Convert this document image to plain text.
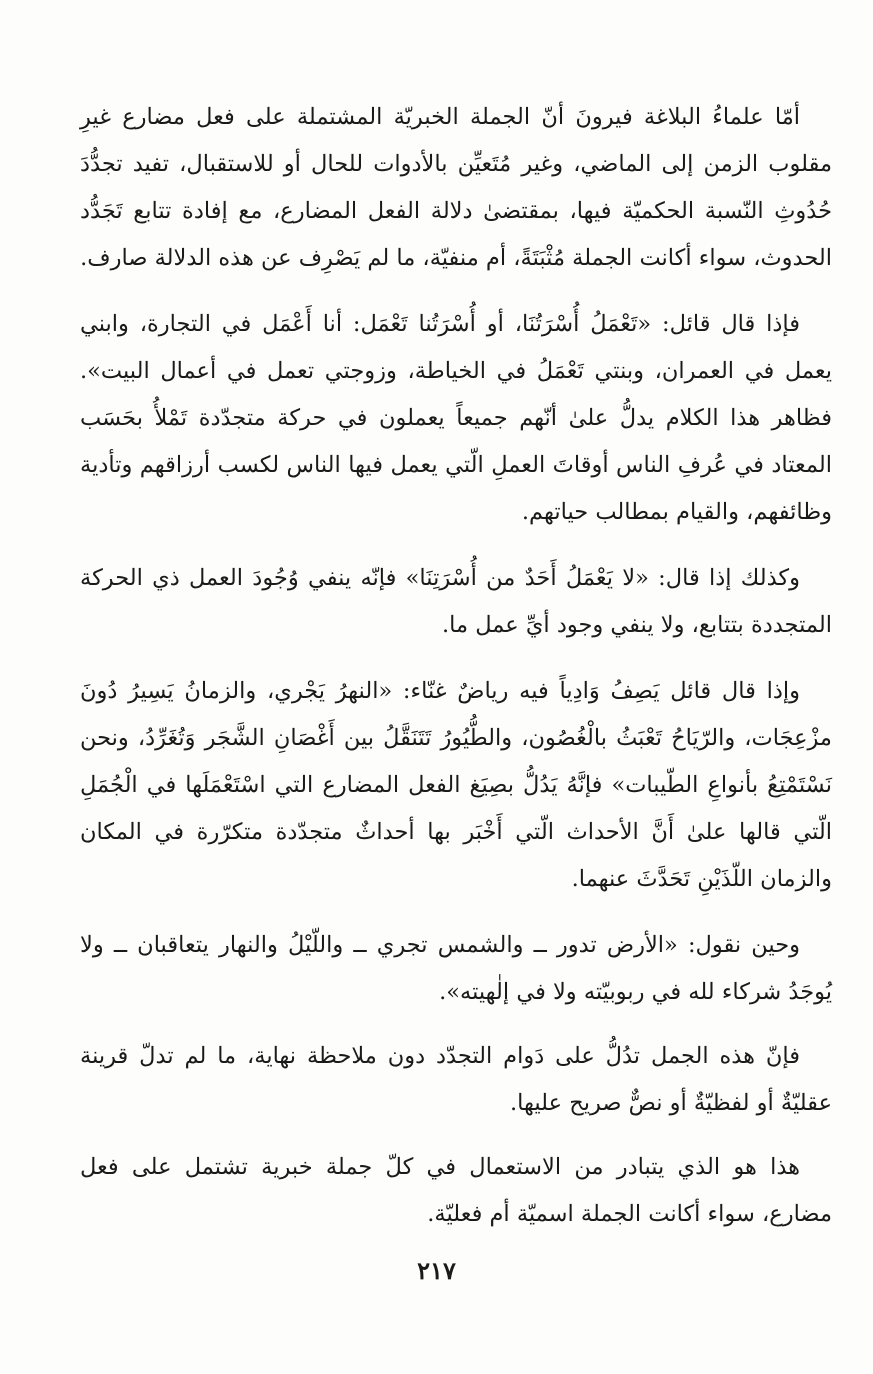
أمّا علماءُ البلاغة فيرونَ أنّ الجملة الخبريّة المشتملة على فعل مضارع غيرِ مقلوب الزمن إلى الماضي، وغير مُتَعيِّن بالأدوات للحال أو للاستقبال، تفيد تجدُّدَ حُدُوثِ النّسبة الحكميّة فيها، بمقتضىٰ دلالة الفعل المضارع، مع إفادة تتابع تَجَدُّد الحدوث، سواء أكانت الجملة مُثْبَتَةً، أم منفيّة، ما لم يَصْرِف عن هذه الدلالة صارف.

فإذا قال قائل: «تَعْمَلُ أُسْرَتُنَا، أو أُسْرَتُنا تَعْمَل: أنا أَعْمَل في التجارة، وابني يعمل في العمران، وبنتي تَعْمَلُ في الخياطة، وزوجتي تعمل في أعمال البيت». فظاهر هذا الكلام يدلُّ علىٰ أنّهم جميعاً يعملون في حركة متجدّدة تَمْلأُ بحَسَب المعتاد في عُرفِ الناس أوقاتَ العملِ الّتي يعمل فيها الناس لكسب أرزاقهم وتأدية وظائفهم، والقيام بمطالب حياتهم.

وكذلك إذا قال: «لا يَعْمَلُ أَحَدٌ من أُسْرَتِنَا» فإنّه ينفي وُجُودَ العمل ذي الحركة المتجددة بتتابع، ولا ينفي وجود أيِّ عمل ما.

وإذا قال قائل يَصِفُ وَادِياً فيه رياضٌ غنّاء: «النهرُ يَجْري، والزمانُ يَسِيرُ دُونَ مزْعِجَات، والرّيَاحُ تَعْبَثُ بالْغُصُون، والطُّيُورُ تَتَنَقَّلُ بين أَغْصَانِ الشَّجَر وَتُغَرِّدُ، ونحن نَسْتَمْتِعُ بأنواعِ الطّيبات» فإنَّهُ يَدُلُّ بصِيَغ الفعل المضارع التي اسْتَعْمَلَها في الْجُمَلِ الّتي قالها علىٰ أَنَّ الأحداث الّتي أَخْبَر بها أحداثٌ متجدّدة متكرّرة في المكان والزمان اللّذَيْنِ تَحَدَّثَ عنهما.

وحين نقول: «الأرض تدور ــ والشمس تجري ــ واللّيْلُ والنهار يتعاقبان ــ ولا يُوجَدُ شركاء لله في ربوبيّته ولا في إلٰهيته».

فإنّ هذه الجمل تدُلُّ على دَوام التجدّد دون ملاحظة نهاية، ما لم تدلّ قرينة عقليّةٌ أو لفظيّةٌ أو نصٌّ صريح عليها.

هذا هو الذي يتبادر من الاستعمال في كلّ جملة خبرية تشتمل على فعل مضارع، سواء أكانت الجملة اسميّة أم فعليّة.

٢١٧
